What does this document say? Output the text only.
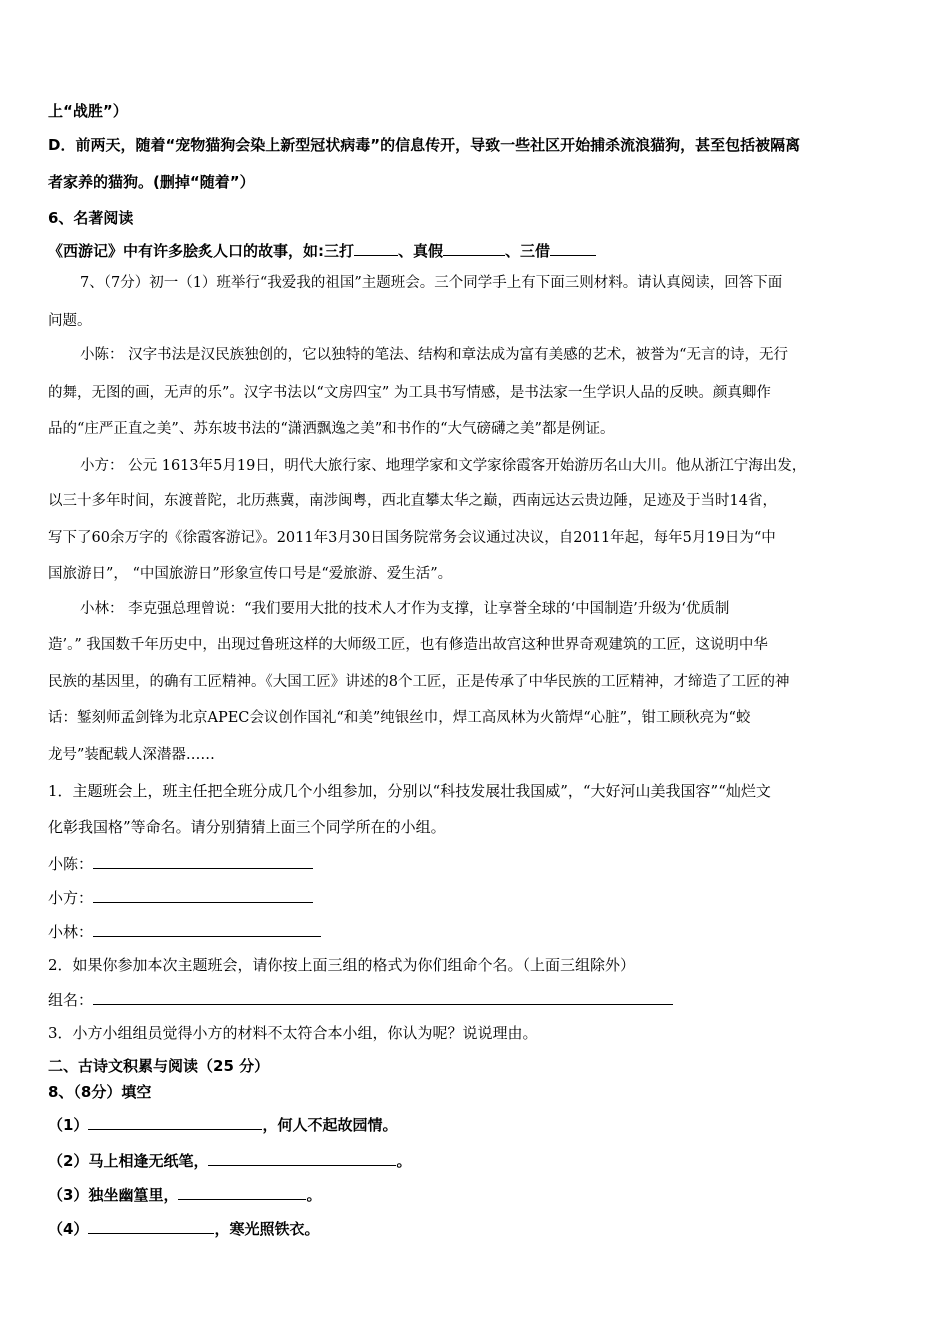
上“战胜”）
D．前两天，随着“宠物猫狗会染上新型冠状病毒”的信息传开，导致一些社区开始捕杀流浪猫狗，甚至包括被隔离
者家养的猫狗。(删掉“随着”）
6、名著阅读
《西游记》中有许多脍炙人口的故事，如:三打	、真假	、三借
7、（7分）初一（1）班举行“我爱我的祖国”主题班会。三个同学手上有下面三则材料。请认真阅读，回答下面
问题。
小陈： 汉字书法是汉民族独创的，它以独特的笔法、结构和章法成为富有美感的艺术，被誉为“无言的诗，无行
的舞，无图的画，无声的乐”。汉字书法以“文房四宝” 为工具书写情感，是书法家一生学识人品的反映。颜真卿作
品的“庄严正直之美”、苏东坡书法的“潇洒飘逸之美”和书作的“大气磅礴之美”都是例证。
小方： 公元 1613年5月19日，明代大旅行家、地理学家和文学家徐霞客开始游历名山大川。他从浙江宁海出发，
以三十多年时间，东渡普陀，北历燕冀，南涉闽粤，西北直攀太华之巅，西南远达云贵边陲，足迹及于当时14省，
写下了60余万字的《徐霞客游记》。2011年3月30日国务院常务会议通过决议，自2011年起，每年5月19日为“中
国旅游日”， “中国旅游日”形象宣传口号是“爱旅游、爱生活”。
小林： 李克强总理曾说：“我们要用大批的技术人才作为支撑，让享誉全球的‘中国制造’升级为‘优质制
造’。” 我国数千年历史中，出现过鲁班这样的大师级工匠，也有修造出故宫这种世界奇观建筑的工匠，这说明中华
民族的基因里，的确有工匠精神。《大国工匠》讲述的8个工匠，正是传承了中华民族的工匠精神，才缔造了工匠的神
话：錾刻师孟剑锋为北京APEC会议创作国礼“和美”纯银丝巾，焊工高凤林为火箭焊“心脏”，钳工顾秋亮为“蛟
龙号”装配载人深潜器……
1．主题班会上，班主任把全班分成几个小组参加，分别以“科技发展壮我国威”，“大好河山美我国容”“灿烂文
化彰我国格”等命名。请分别猜猜上面三个同学所在的小组。
小陈：
小方：
小林：
2．如果你参加本次主题班会，请你按上面三组的格式为你们组命个名。（上面三组除外）
组名：
3．小方小组组员觉得小方的材料不太符合本小组，你认为呢？说说理由。
二、古诗文积累与阅读（25 分）
8、（8分）填空
（1）	，何人不起故园情。
（2）马上相逢无纸笔，	。
（3）独坐幽篁里，	。
（4）	，寒光照铁衣。
